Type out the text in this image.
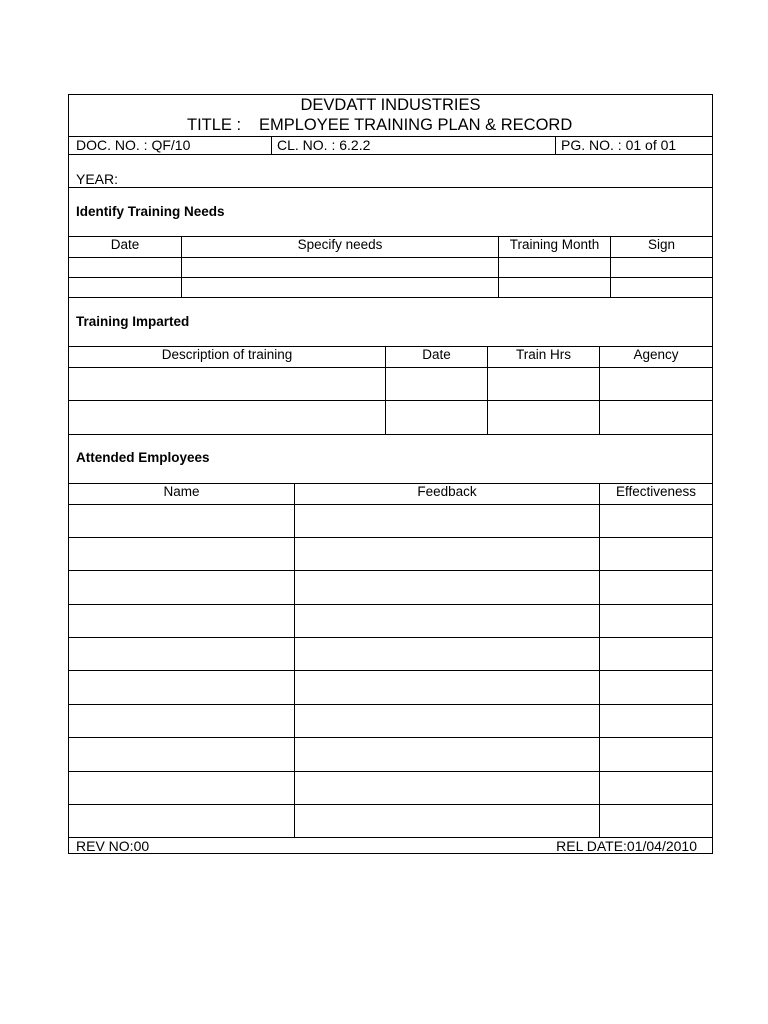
DEVDATT INDUSTRIES
TITLE : EMPLOYEE TRAINING PLAN & RECORD
DOC. NO. : QF/10	CL. NO. : 6.2.2	PG. NO. : 01 of 01
YEAR:
Identify Training Needs
Date	Specify needs	Training Month	Sign
Training Imparted
Description of training	Date	Train Hrs	Agency
Attended Employees
Name	Feedback	Effectiveness
REV NO:00	REL DATE:01/04/2010
